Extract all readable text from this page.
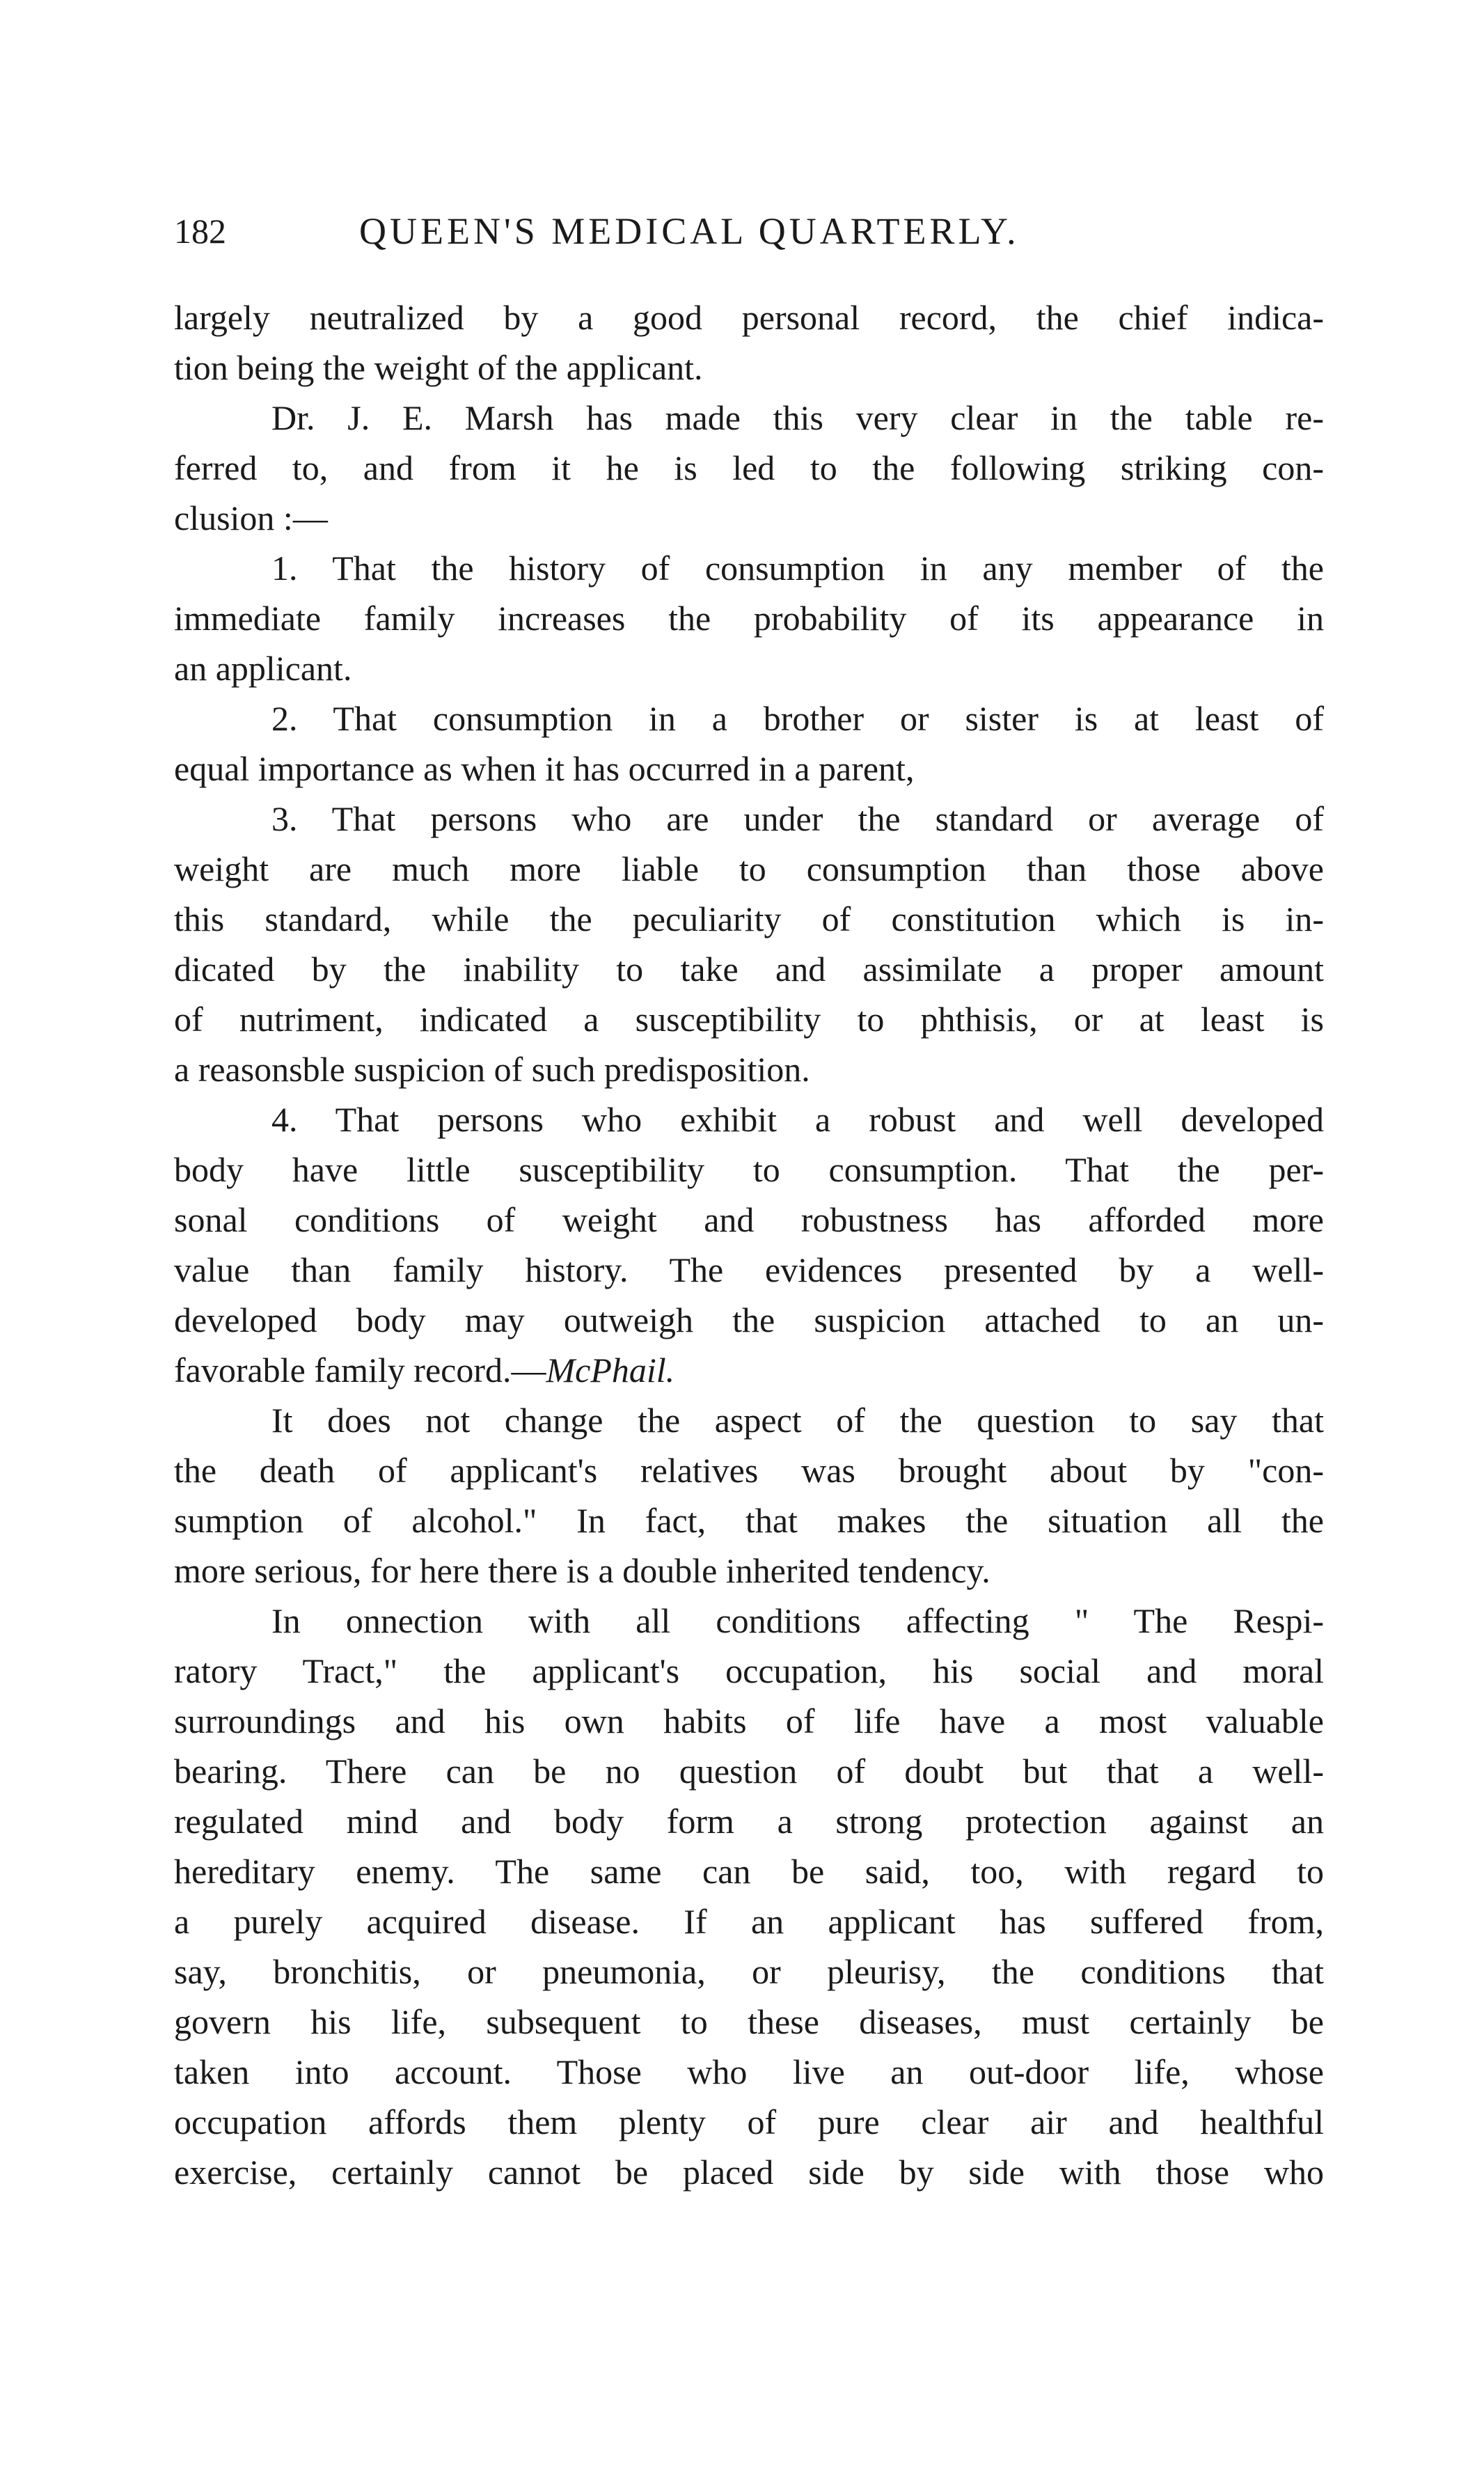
182	QUEEN'S MEDICAL QUARTERLY.
largely neutralized by a good personal record, the chief indica-
tion being the weight of the applicant.
Dr. J. E. Marsh has made this very clear in the table re-
ferred to, and from it he is led to the following striking con-
clusion :—
1. That the history of consumption in any member of the
immediate family increases the probability of its appearance in
an applicant.
2. That consumption in a brother or sister is at least of
equal importance as when it has occurred in a parent,
3. That persons who are under the standard or average of
weight are much more liable to consumption than those above
this standard, while the peculiarity of constitution which is in-
dicated by the inability to take and assimilate a proper amount
of nutriment, indicated a susceptibility to phthisis, or at least is
a reasonsble suspicion of such predisposition.
4. That persons who exhibit a robust and well developed
body have little susceptibility to consumption. That the per-
sonal conditions of weight and robustness has afforded more
value than family history. The evidences presented by a well-
developed body may outweigh the suspicion attached to an un-
favorable family record.—McPhail.
It does not change the aspect of the question to say that
the death of applicant's relatives was brought about by "con-
sumption of alcohol." In fact, that makes the situation all the
more serious, for here there is a double inherited tendency.
In onnection with all conditions affecting " The Respi-
ratory Tract," the applicant's occupation, his social and moral
surroundings and his own habits of life have a most valuable
bearing. There can be no question of doubt but that a well-
regulated mind and body form a strong protection against an
hereditary enemy. The same can be said, too, with regard to
a purely acquired disease. If an applicant has suffered from,
say, bronchitis, or pneumonia, or pleurisy, the conditions that
govern his life, subsequent to these diseases, must certainly be
taken into account. Those who live an out-door life, whose
occupation affords them plenty of pure clear air and healthful
exercise, certainly cannot be placed side by side with those who
